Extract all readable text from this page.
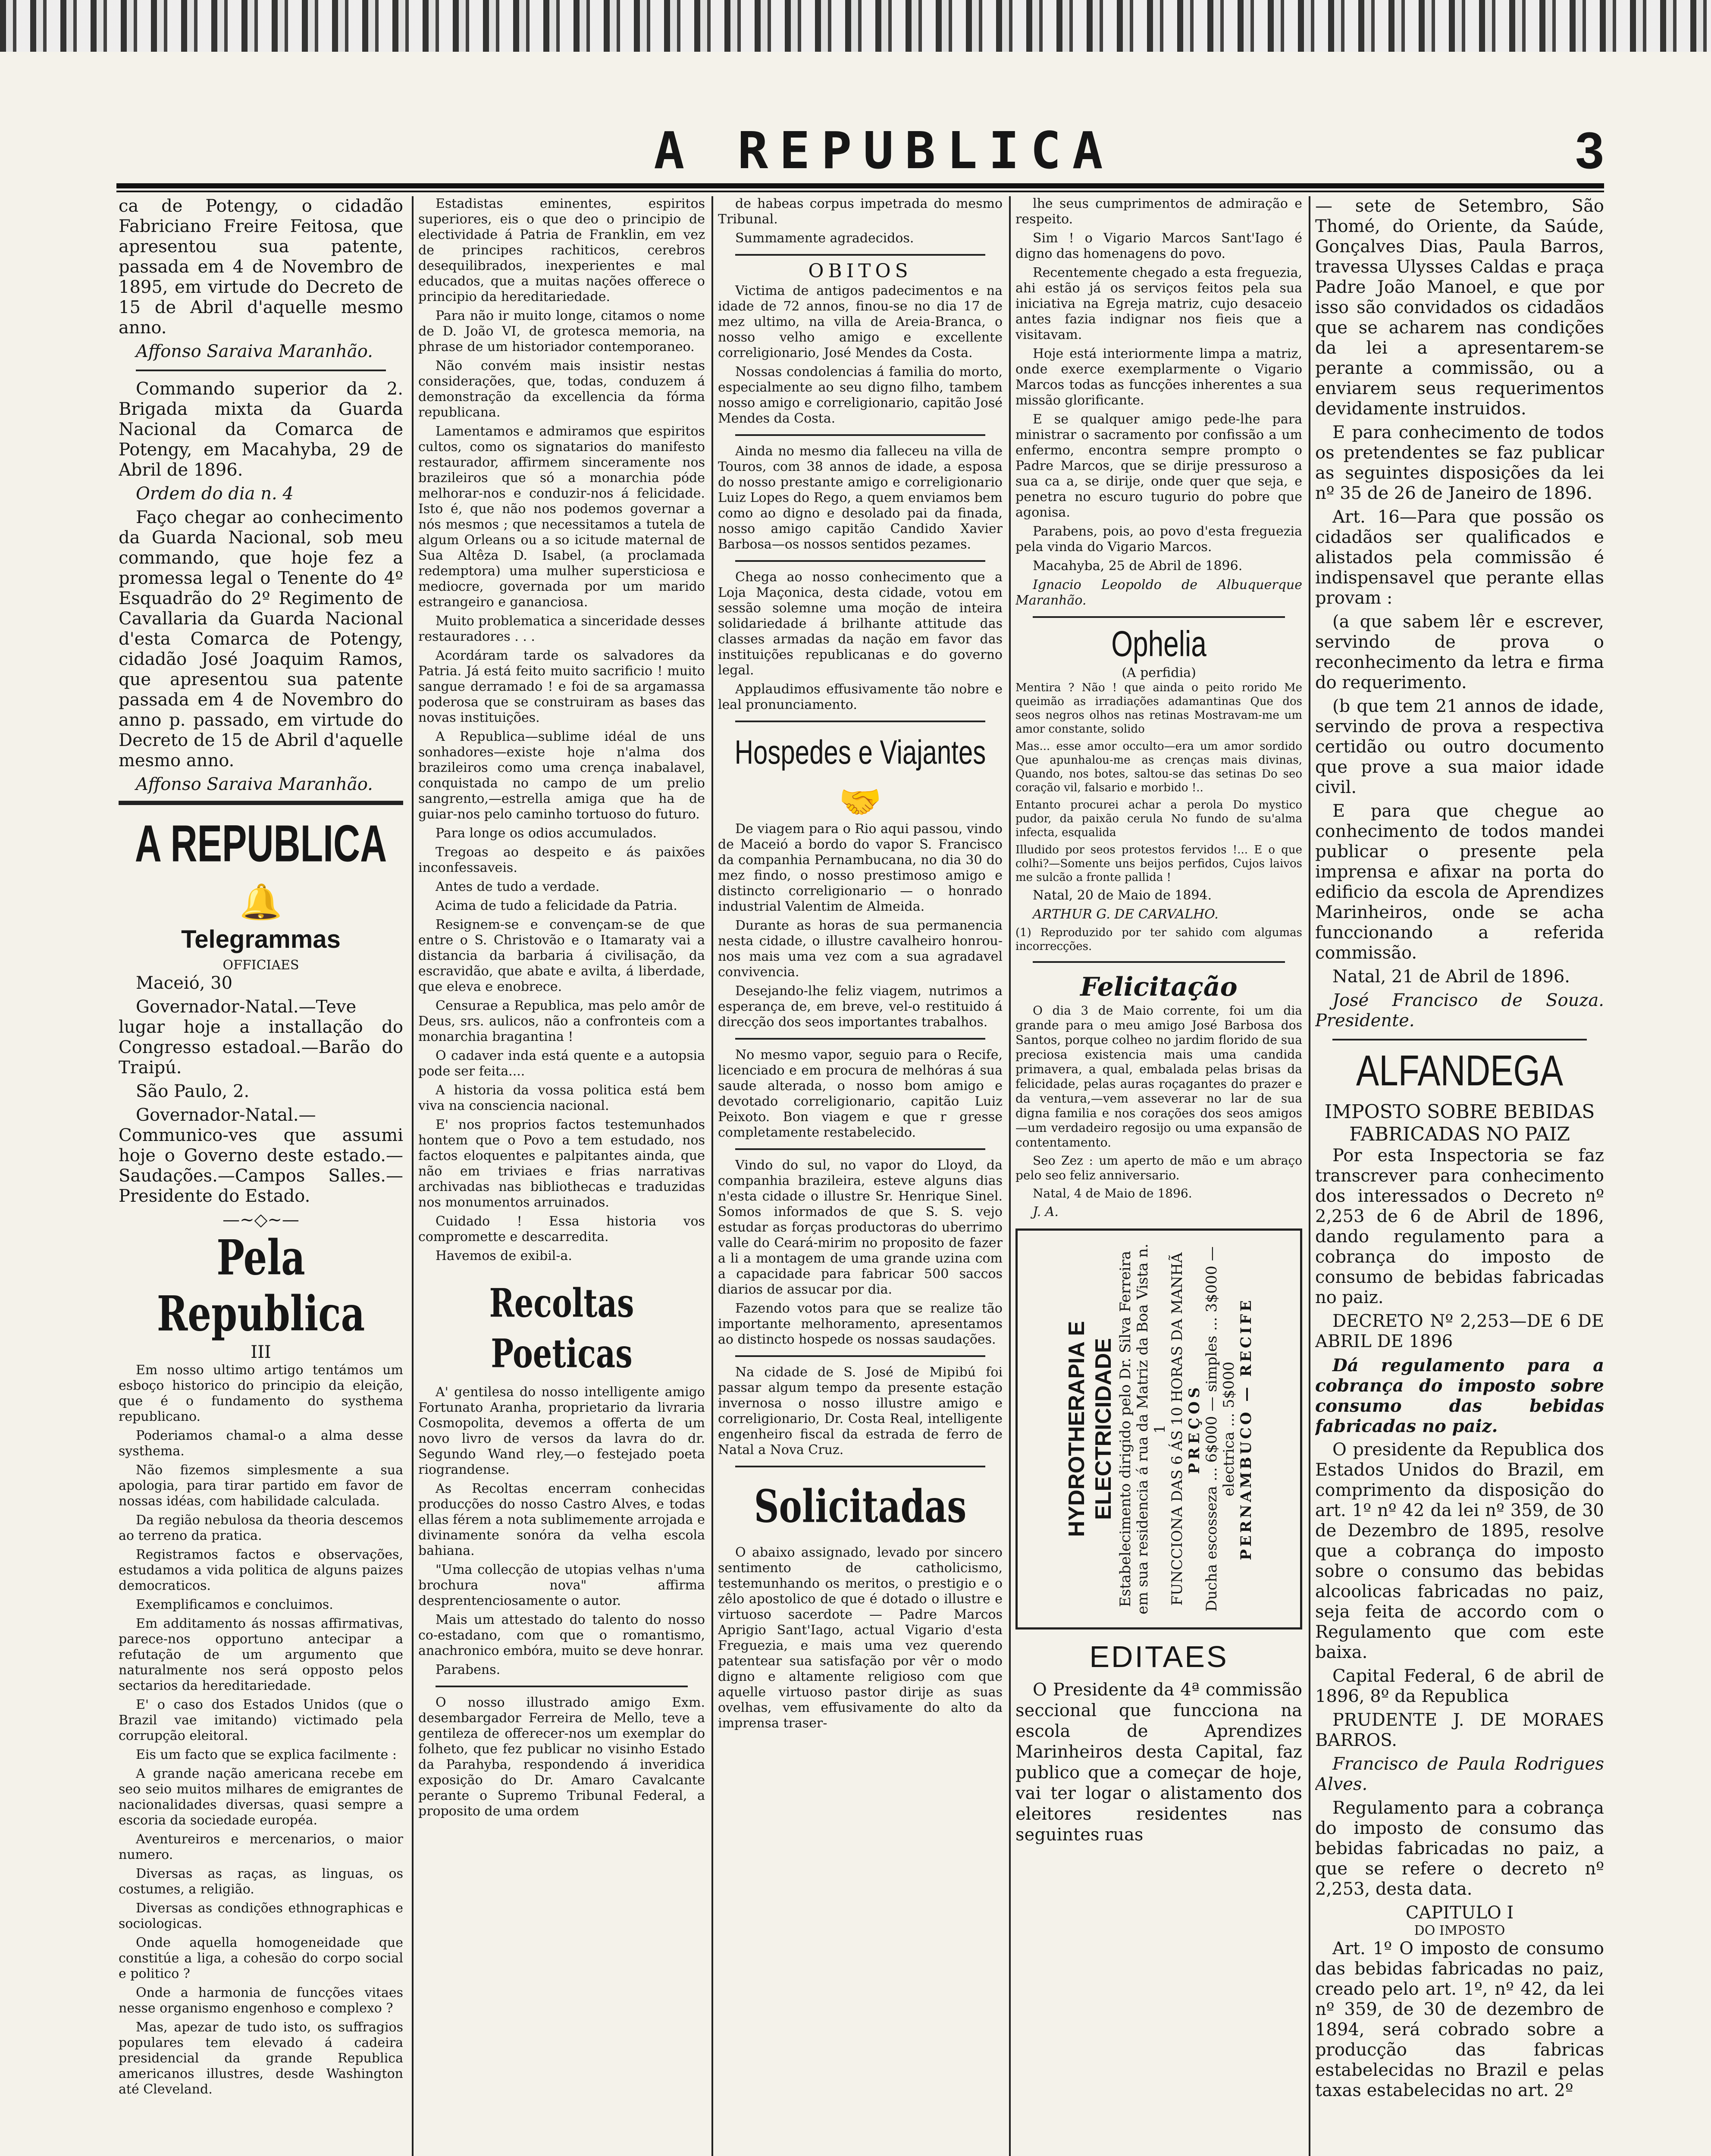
A REPUBLICA	3

ca de Potengy, o cidadão Fabriciano Freire Feitosa, que apresentou sua patente, passada em 4 de Novembro de 1895, em virtude do Decreto de 15 de Abril d'aquelle mesmo anno.

Affonso Saraiva Maranhão.

Commando superior da 2. Brigada mixta da Guarda Nacional da Comarca de Potengy, em Macahyba, 29 de Abril de 1896.

Ordem do dia n. 4

Faço chegar ao conhecimento da Guarda Nacional, sob meu commando, que hoje fez a promessa legal o Tenente do 4º Esquadrão do 2º Regimento de Cavallaria da Guarda Nacional d'esta Comarca de Potengy, cidadão José Joaquim Ramos, que apresentou sua patente passada em 4 de Novembro do anno p. passado, em virtude do Decreto de 15 de Abril d'aquelle mesmo anno.

Affonso Saraiva Maranhão.

A REPUBLICA
🔔
Telegrammas
OFFICIAES

Maceió, 30

Governador-Natal.—Teve lugar hoje a installação do Congresso estadoal.—Barão do Traipú.

São Paulo, 2.

Governador-Natal.—Communico-ves que assumi hoje o Governo deste estado.—Saudações.—Campos Salles.—Presidente do Estado.

—~◇~—
Pela Republica
III

Em nosso ultimo artigo tentámos um esboço historico do principio da eleição, que é o fundamento do systhema republicano.

Poderiamos chamal-o a alma desse systhema.

Não fizemos simplesmente a sua apologia, para tirar partido em favor de nossas idéas, com habilidade calculada.

Da região nebulosa da theoria descemos ao terreno da pratica.

Registramos factos e observações, estudamos a vida politica de alguns paizes democraticos.

Exemplificamos e concluimos.

Em additamento ás nossas affirmativas, parece-nos opportuno antecipar a refutação de um argumento que naturalmente nos será opposto pelos sectarios da hereditariedade.

E' o caso dos Estados Unidos (que o Brazil vae imitando) victimado pela corrupção eleitoral.

Eis um facto que se explica facilmente :

A grande nação americana recebe em seo seio muitos milhares de emigrantes de nacionalidades diversas, quasi sempre a escoria da sociedade européa.

Aventureiros e mercenarios, o maior numero.

Diversas as raças, as linguas, os costumes, a religião.

Diversas as condições ethnographicas e sociologicas.

Onde aquella homogeneidade que constitúe a liga, a cohesão do corpo social e politico ?

Onde a harmonia de funcções vitaes nesse organismo engenhoso e complexo ?

Mas, apezar de tudo isto, os suffragios populares tem elevado á cadeira presidencial da grande Republica americanos illustres, desde Washington até Cleveland.

Estadistas eminentes, espiritos superiores, eis o que deo o principio de electividade á Patria de Franklin, em vez de principes rachiticos, cerebros desequilibrados, inexperientes e mal educados, que a muitas nações offerece o principio da hereditariedade.

Para não ir muito longe, citamos o nome de D. João VI, de grotesca memoria, na phrase de um historiador contemporaneo.

Não convém mais insistir nestas considerações, que, todas, conduzem á demonstração da excellencia da fórma republicana.

Lamentamos e admiramos que espiritos cultos, como os signatarios do manifesto restaurador, affirmem sinceramente nos brazileiros que só a monarchia póde melhorar-nos e conduzir-nos á felicidade. Isto é, que não nos podemos governar a nós mesmos ; que necessitamos a tutela de algum Orleans ou a so icitude maternal de Sua Altêza D. Isabel, (a proclamada redemptora) uma mulher supersticiosa e mediocre, governada por um marido estrangeiro e gananciosa.

Muito problematica a sinceridade desses restauradores . . .

Acordáram tarde os salvadores da Patria. Já está feito muito sacrificio ! muito sangue derramado ! e foi de sa argamassa poderosa que se construiram as bases das novas instituições.

A Republica—sublime idéal de uns sonhadores—existe hoje n'alma dos brazileiros como uma crença inabalavel, conquistada no campo de um prelio sangrento,—estrella amiga que ha de guiar-nos pelo caminho tortuoso do futuro.

Para longe os odios accumulados.

Tregoas ao despeito e ás paixões inconfessaveis.

Antes de tudo a verdade.

Acima de tudo a felicidade da Patria.

Resignem-se e convençam-se de que entre o S. Christovão e o Itamaraty vai a distancia da barbaria á civilisação, da escravidão, que abate e avilta, á liberdade, que eleva e enobrece.

Censurae a Republica, mas pelo amôr de Deus, srs. aulicos, não a confronteis com a monarchia bragantina !

O cadaver inda está quente e a autopsia pode ser feita....

A historia da vossa politica está bem viva na consciencia nacional.

E' nos proprios factos testemunhados hontem que o Povo a tem estudado, nos factos eloquentes e palpitantes ainda, que não em triviaes e frias narrativas archivadas nas bibliothecas e traduzidas nos monumentos arruinados.

Cuidado ! Essa historia vos compromette e descarredita.

Havemos de exibil-a.

Recoltas Poeticas

A' gentilesa do nosso intelligente amigo Fortunato Aranha, proprietario da livraria Cosmopolita, devemos a offerta de um novo livro de versos da lavra do dr. Segundo Wand rley,—o festejado poeta riograndense.

As Recoltas encerram conhecidas producções do nosso Castro Alves, e todas ellas férem a nota sublimemente arrojada e divinamente sonóra da velha escola bahiana.

"Uma collecção de utopias velhas n'uma brochura nova" affirma desprentenciosamente o autor.

Mais um attestado do talento do nosso co-estadano, com que o romantismo, anachronico embóra, muito se deve honrar.

Parabens.

O nosso illustrado amigo Exm. desembargador Ferreira de Mello, teve a gentileza de offerecer-nos um exemplar do folheto, que fez publicar no visinho Estado da Parahyba, respondendo á inveridica exposição do Dr. Amaro Cavalcante perante o Supremo Tribunal Federal, a proposito de uma ordem

de habeas corpus impetrada do mesmo Tribunal.

Summamente agradecidos.

OBITOS

Victima de antigos padecimentos e na idade de 72 annos, finou-se no dia 17 de mez ultimo, na villa de Areia-Branca, o nosso velho amigo e excellente correligionario, José Mendes da Costa.

Nossas condolencias á familia do morto, especialmente ao seu digno filho, tambem nosso amigo e correligionario, capitão José Mendes da Costa.

Ainda no mesmo dia falleceu na villa de Touros, com 38 annos de idade, a esposa do nosso prestante amigo e correligionario Luiz Lopes do Rego, a quem enviamos bem como ao digno e desolado pai da finada, nosso amigo capitão Candido Xavier Barbosa—os nossos sentidos pezames.

Chega ao nosso conhecimento que a Loja Maçonica, desta cidade, votou em sessão solemne uma moção de inteira solidariedade á brilhante attitude das classes armadas da nação em favor das instituições republicanas e do governo legal.

Applaudimos effusivamente tão nobre e leal pronunciamento.

Hospedes e Viajantes
🤝

De viagem para o Rio aqui passou, vindo de Maceió a bordo do vapor S. Francisco da companhia Pernambucana, no dia 30 do mez findo, o nosso prestimoso amigo e distincto correligionario — o honrado industrial Valentim de Almeida.

Durante as horas de sua permanencia nesta cidade, o illustre cavalheiro honrou-nos mais uma vez com a sua agradavel convivencia.

Desejando-lhe feliz viagem, nutrimos a esperança de, em breve, vel-o restituido á direcção dos seos importantes trabalhos.

No mesmo vapor, seguio para o Recife, licenciado e em procura de melhóras á sua saude alterada, o nosso bom amigo e devotado correligionario, capitão Luiz Peixoto. Bon viagem e que r gresse completamente restabelecido.

Vindo do sul, no vapor do Lloyd, da companhia brazileira, esteve alguns dias n'esta cidade o illustre Sr. Henrique Sinel. Somos informados de que S. S. vejo estudar as forças productoras do uberrimo valle do Ceará-mirim no proposito de fazer a li a montagem de uma grande uzina com a capacidade para fabricar 500 saccos diarios de assucar por dia.

Fazendo votos para que se realize tão importante melhoramento, apresentamos ao distincto hospede os nossas saudações.

Na cidade de S. José de Mipibú foi passar algum tempo da presente estação invernosa o nosso illustre amigo e correligionario, Dr. Costa Real, intelligente engenheiro fiscal da estrada de ferro de Natal a Nova Cruz.

Solicitadas

O abaixo assignado, levado por sincero sentimento de catholicismo, testemunhando os meritos, o prestigio e o zêlo apostolico de que é dotado o illustre e virtuoso sacerdote — Padre Marcos Aprigio Sant'Iago, actual Vigario d'esta Freguezia, e mais uma vez querendo patentear sua satisfação por vêr o modo digno e altamente religioso com que aquelle virtuoso pastor dirije as suas ovelhas, vem effusivamente do alto da imprensa traser-

lhe seus cumprimentos de admiração e respeito.

Sim ! o Vigario Marcos Sant'Iago é digno das homenagens do povo.

Recentemente chegado a esta freguezia, ahi estão já os serviços feitos pela sua iniciativa na Egreja matriz, cujo desaceio antes fazia indignar nos fieis que a visitavam.

Hoje está interiormente limpa a matriz, onde exerce exemplarmente o Vigario Marcos todas as funcções inherentes a sua missão glorificante.

E se qualquer amigo pede-lhe para ministrar o sacramento por confissão a um enfermo, encontra sempre prompto o Padre Marcos, que se dirije pressuroso a sua ca a, se dirije, onde quer que seja, e penetra no escuro tugurio do pobre que agonisa.

Parabens, pois, ao povo d'esta freguezia pela vinda do Vigario Marcos.

Macahyba, 25 de Abril de 1896.

Ignacio Leopoldo de Albuquerque Maranhão.

Ophelia
(A perfidia)

Mentira ? Não ! que ainda o peito rorido Me queimão as irradiações adamantinas Que dos seos negros olhos nas retinas Mostravam-me um amor constante, solido

Mas... esse amor occulto—era um amor sordido Que apunhalou-me as crenças mais divinas, Quando, nos botes, saltou-se das setinas Do seo coração vil, falsario e morbido !..

Entanto procurei achar a perola Do mystico pudor, da paixão cerula No fundo de su'alma infecta, esqualida

Illudido por seos protestos fervidos !... E o que colhi?—Somente uns beijos perfidos, Cujos laivos me sulcão a fronte pallida !

Natal, 20 de Maio de 1894.

ARTHUR G. DE CARVALHO.

(1) Reproduzido por ter sahido com algumas incorrecções.

Felicitação

O dia 3 de Maio corrente, foi um dia grande para o meu amigo José Barbosa dos Santos, porque colheo no jardim florido de sua preciosa existencia mais uma candida primavera, a qual, embalada pelas brisas da felicidade, pelas auras roçagantes do prazer e da ventura,—vem asseverar no lar de sua digna familia e nos corações dos seos amigos—um verdadeiro regosijo ou uma expansão de contentamento.

Seo Zez : um aperto de mão e um abraço pelo seo feliz anniversario.

Natal, 4 de Maio de 1896.

J. A.

HYDROTHERAPIA E ELECTRICIDADE Estabelecimento dirigido pelo Dr. Silva Ferreira em sua residencia á rua da Matriz da Boa Vista n. 1 FUNCCIONA DAS 6 ÁS 10 HORAS DA MANHÃ PREÇOS Ducha escosseza ... 6$000 — simples ... 3$000 — electrica ... 5$000 PERNAMBUCO — RECIFE
EDITAES

O Presidente da 4ª commissão seccional que funcciona na escola de Aprendizes Marinheiros desta Capital, faz publico que a começar de hoje, vai ter logar o alistamento dos eleitores residentes nas seguintes ruas

— sete de Setembro, São Thomé, do Oriente, da Saúde, Gonçalves Dias, Paula Barros, travessa Ulysses Caldas e praça Padre João Manoel, e que por isso são convidados os cidadãos que se acharem nas condições da lei a apresentarem-se perante a commissão, ou a enviarem seus requerimentos devidamente instruidos.

E para conhecimento de todos os pretendentes se faz publicar as seguintes disposições da lei nº 35 de 26 de Janeiro de 1896.

Art. 16—Para que possão os cidadãos ser qualificados e alistados pela commissão é indispensavel que perante ellas provam :

(a que sabem lêr e escrever, servindo de prova o reconhecimento da letra e firma do requerimento.

(b que tem 21 annos de idade, servindo de prova a respectiva certidão ou outro documento que prove a sua maior idade civil.

E para que chegue ao conhecimento de todos mandei publicar o presente pela imprensa e afixar na porta do edificio da escola de Aprendizes Marinheiros, onde se acha funccionando a referida commissão.

Natal, 21 de Abril de 1896.

José Francisco de Souza. Presidente.

ALFANDEGA
IMPOSTO SOBRE BEBIDAS FABRICADAS NO PAIZ

Por esta Inspectoria se faz transcrever para conhecimento dos interessados o Decreto nº 2,253 de 6 de Abril de 1896, dando regulamento para a cobrança do imposto de consumo de bebidas fabricadas no paiz.

DECRETO Nº 2,253—DE 6 DE ABRIL DE 1896

Dá regulamento para a cobrança do imposto sobre consumo das bebidas fabricadas no paiz.

O presidente da Republica dos Estados Unidos do Brazil, em comprimento da disposição do art. 1º nº 42 da lei nº 359, de 30 de Dezembro de 1895, resolve que a cobrança do imposto sobre o consumo das bebidas alcoolicas fabricadas no paiz, seja feita de accordo com o Regulamento que com este baixa.

Capital Federal, 6 de abril de 1896, 8º da Republica

PRUDENTE J. DE MORAES BARROS.

Francisco de Paula Rodrigues Alves.

Regulamento para a cobrança do imposto de consumo das bebidas fabricadas no paiz, a que se refere o decreto nº 2,253, desta data.

CAPITULO I
DO IMPOSTO

Art. 1º O imposto de consumo das bebidas fabricadas no paiz, creado pelo art. 1º, nº 42, da lei nº 359, de 30 de dezembro de 1894, será cobrado sobre a producção das fabricas estabelecidas no Brazil e pelas taxas estabelecidas no art. 2º
